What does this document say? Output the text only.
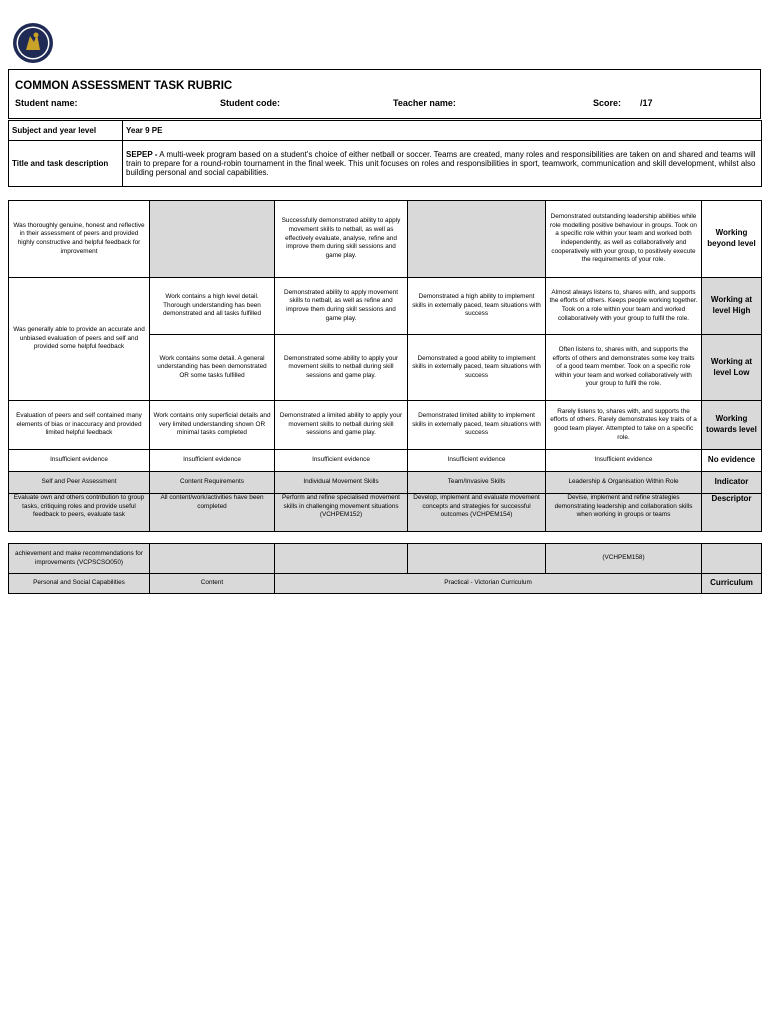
COMMON ASSESSMENT TASK RUBRIC
Student name:	Student code:	Teacher name:	Score: /17
Subject and year level	Year 9 PE
Title and task description	SEPEP - A multi-week program based on a student's choice of either netball or soccer. Teams are created, many roles and responsibilities are taken on and shared and teams will train to prepare for a round-robin tournament in the final week. This unit focuses on roles and responsibilities in sport, teamwork, communication and skill development, whilst also building personal and social capabilities.
Was thoroughly genuine, honest and reflective in their assessment of peers and provided highly constructive and helpful feedback for improvement		Successfully demonstrated ability to apply movement skills to netball, as well as effectively evaluate, analyse, refine and improve them during skill sessions and game play.		Demonstrated outstanding leadership abilities while role modelling positive behaviour in groups. Took on a specific role within your team and worked both independently, as well as collaboratively and cooperatively with your group, to positively execute the requirements of your role.	Working beyond level
Was generally able to provide an accurate and unbiased evaluation of peers and self and provided some helpful feedback	Work contains a high level detail. Thorough understanding has been demonstrated and all tasks fulfilled	Demonstrated ability to apply movement skills to netball, as well as refine and improve them during skill sessions and game play.	Demonstrated a high ability to implement skills in externally paced, team situations with success	Almost always listens to, shares with, and supports the efforts of others. Keeps people working together. Took on a role within your team and worked collaboratively with your group to fulfil the role.	Working at level High
	Work contains some detail. A general understanding has been demonstrated OR some tasks fulfilled	Demonstrated some ability to apply your movement skills to netball during skill sessions and game play.	Demonstrated a good ability to implement skills in externally paced, team situations with success	Often listens to, shares with, and supports the efforts of others and demonstrates some key traits of a good team member. Took on a specific role within your team and worked collaboratively with your group to fulfil the role.	Working at level Low
Evaluation of peers and self contained many elements of bias or inaccuracy and provided limited helpful feedback	Work contains only superficial details and very limited understanding shown OR minimal tasks completed	Demonstrated a limited ability to apply your movement skills to netball during skill sessions and game play.	Demonstrated limited ability to implement skills in externally paced, team situations with success	Rarely listens to, shares with, and supports the efforts of others. Rarely demonstrates key traits of a good team player. Attempted to take on a specific role.	Working towards level
Insufficient evidence	Insufficient evidence	Insufficient evidence	Insufficient evidence	Insufficient evidence	No evidence
Self and Peer Assessment	Content Requirements	Individual Movement Skills	Team/Invasive Skills	Leadership & Organisation Within Role	Indicator
Evaluate own and others contribution to group tasks, critiquing roles and provide useful feedback to peers, evaluate task	All content/work/activities have been completed	Perform and refine specialised movement skills in challenging movement situations (VCHPEM152)	Develop, implement and evaluate movement concepts and strategies for successful outcomes (VCHPEM154)	Devise, implement and refine strategies demonstrating leadership and collaboration skills when working in groups or teams	Descriptor
achievement and make recommendations for improvements (VCPSCSO050)				(VCHPEM158)	
Personal and Social Capabilities	Content	Practical - Victorian Curriculum			Curriculum
